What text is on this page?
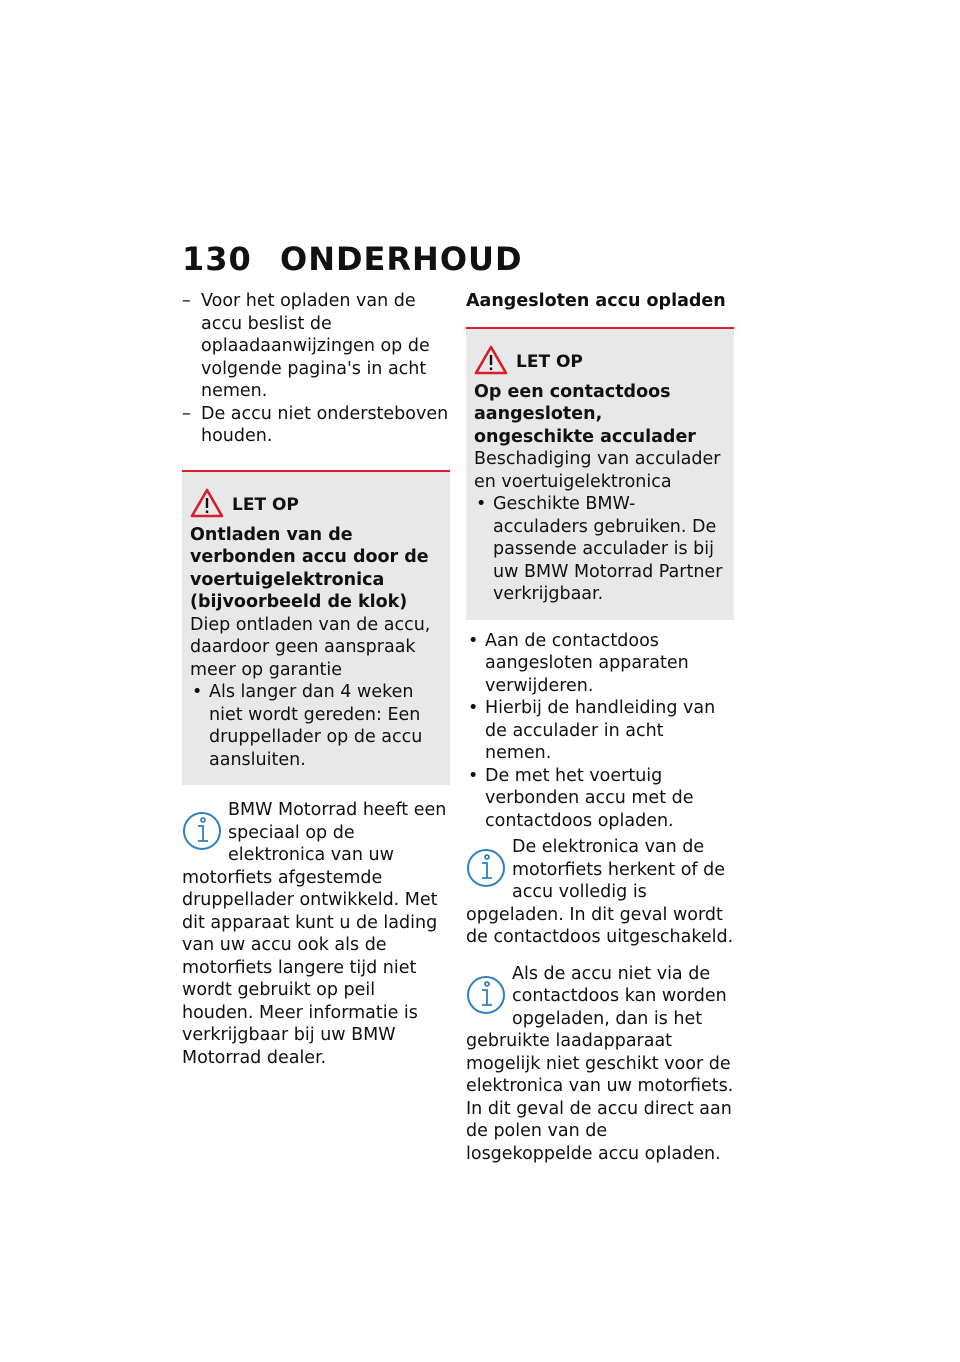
130 ONDERHOUD
– Voor het opladen van de accu beslist de oplaadaanwijzingen op de volgende pagina's in acht nemen.
– De accu niet ondersteboven houden.
LET OP
Ontladen van de verbonden accu door de voertuigelektronica (bijvoorbeeld de klok)
Diep ontladen van de accu, daardoor geen aanspraak meer op garantie
• Als langer dan 4 weken niet wordt gereden: Een druppellader op de accu aansluiten.
BMW Motorrad heeft een speciaal op de elektronica van uw motorfiets afgestemde druppellader ontwikkeld. Met dit apparaat kunt u de lading van uw accu ook als de motorfiets langere tijd niet wordt gebruikt op peil houden. Meer informatie is verkrijgbaar bij uw BMW Motorrad dealer.
Aangesloten accu opladen
LET OP
Op een contactdoos aangesloten, ongeschikte acculader
Beschadiging van acculader en voertuigelektronica
• Geschikte BMW-acculaders gebruiken. De passende acculader is bij uw BMW Motorrad Partner verkrijgbaar.
• Aan de contactdoos aangesloten apparaten verwijderen.
• Hierbij de handleiding van de acculader in acht nemen.
• De met het voertuig verbonden accu met de contactdoos opladen.
De elektronica van de motorfiets herkent of de accu volledig is opgeladen. In dit geval wordt de contactdoos uitgeschakeld.
Als de accu niet via de contactdoos kan worden opgeladen, dan is het gebruikte laadapparaat mogelijk niet geschikt voor de elektronica van uw motorfiets. In dit geval de accu direct aan de polen van de losgekoppelde accu opladen.
